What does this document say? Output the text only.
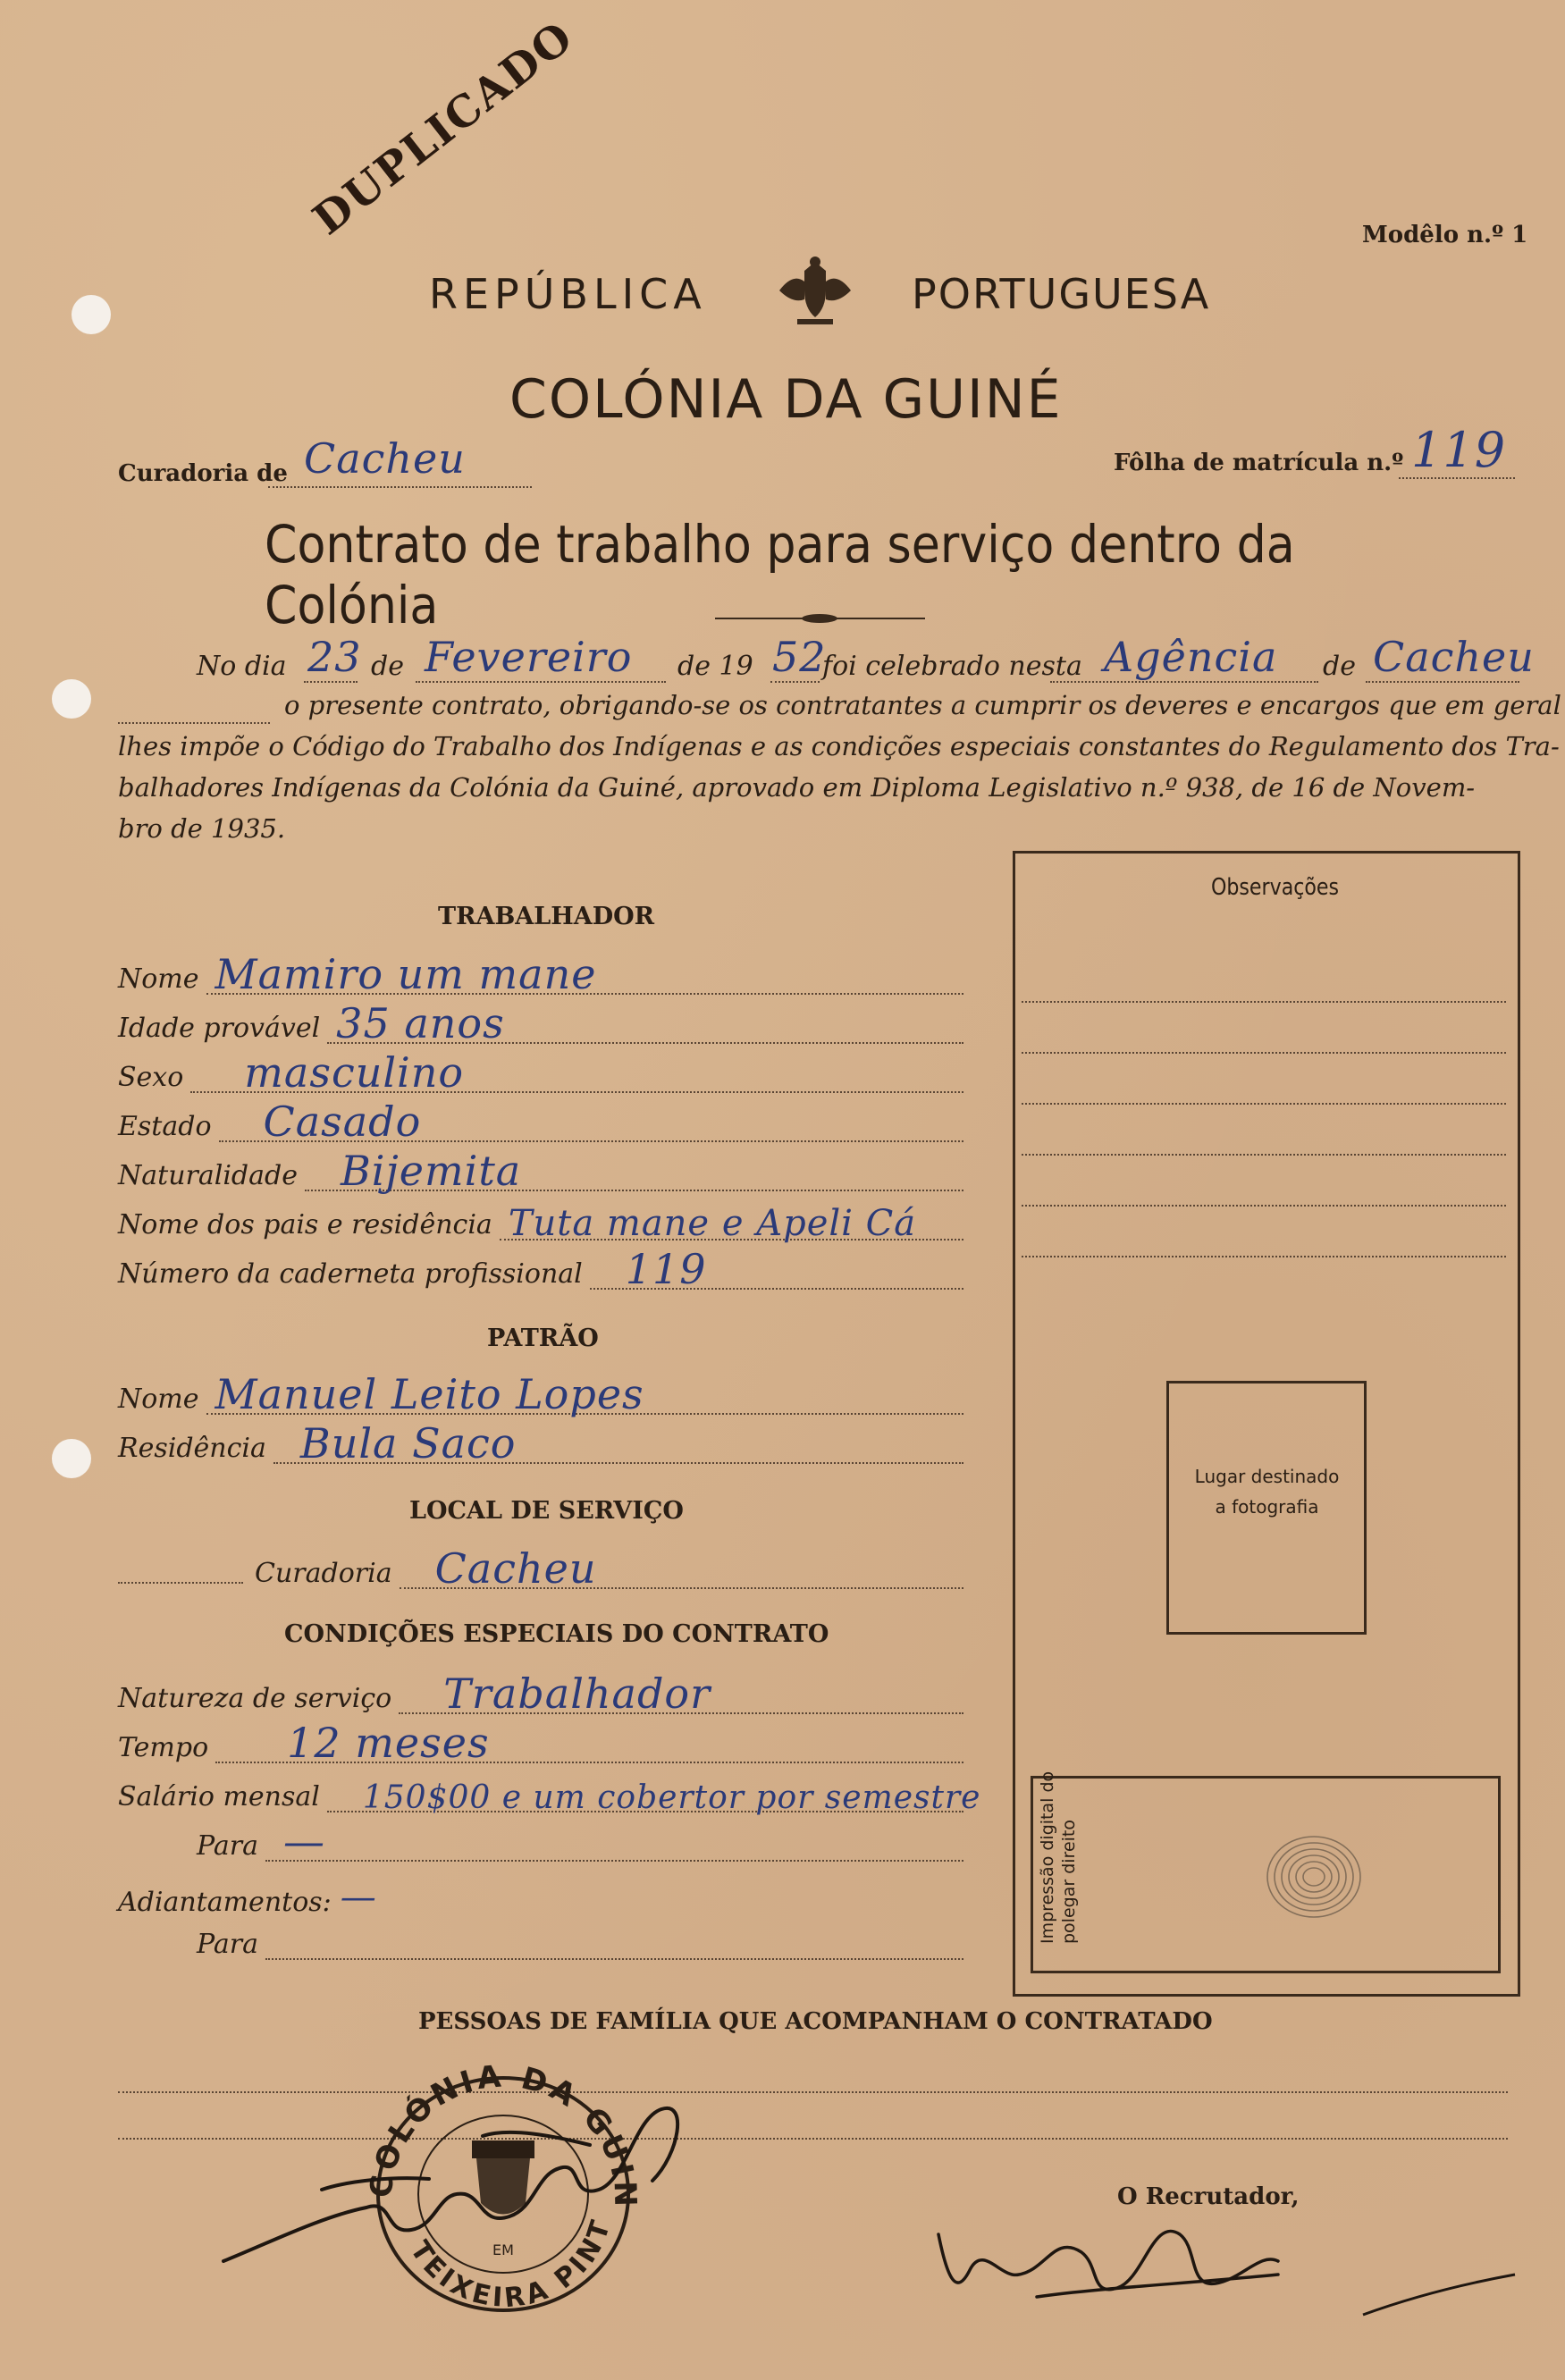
DUPLICADO
REPÚBLICA	PORTUGUESA
Modêlo n.º 1
COLÓNIA DA GUINÉ
Curadoria de Cacheu	Fôlha de matrícula n.º 119
Contrato de trabalho para serviço dentro da Colónia
No dia 23 de Fevereiro de 19 52
foi celebrado nesta Agência de Cacheu
o presente contrato, obrigando-se os contratantes a cumprir os deveres e encargos que em geral
lhes impõe o Código do Trabalho dos Indígenas e as condições especiais constantes do Regulamento dos Tra-
balhadores Indígenas da Colónia da Guiné, aprovado em Diploma Legislativo n.º 938, de 16 de Novem-
bro de 1935.
TRABALHADOR
Nome Mamiro um mane
Idade provável 35 anos
Sexo masculino
Estado Casado
Naturalidade Bijemita
Nome dos pais e residência Tuta mane e Apeli Cá
Número da caderneta profissional 119
PATRÃO
Nome Manuel Leito Lopes
Residência Bula Saco
LOCAL DE SERVIÇO
Curadoria Cacheu
CONDIÇÕES ESPECIAIS DO CONTRATO
Natureza de serviço Trabalhador
Tempo 12 meses
Salário mensal 150$00 e um cobertor por semestre
Para —
Adiantamentos: —
Para
Observações
Lugar destinado a fotografia
Impressão digital do polegar direito
PESSOAS DE FAMÍLIA QUE ACOMPANHAM O CONTRATADO
COLÓNIA DA GUIN
TEIXEIRA PINT
EM
O Recrutador,
